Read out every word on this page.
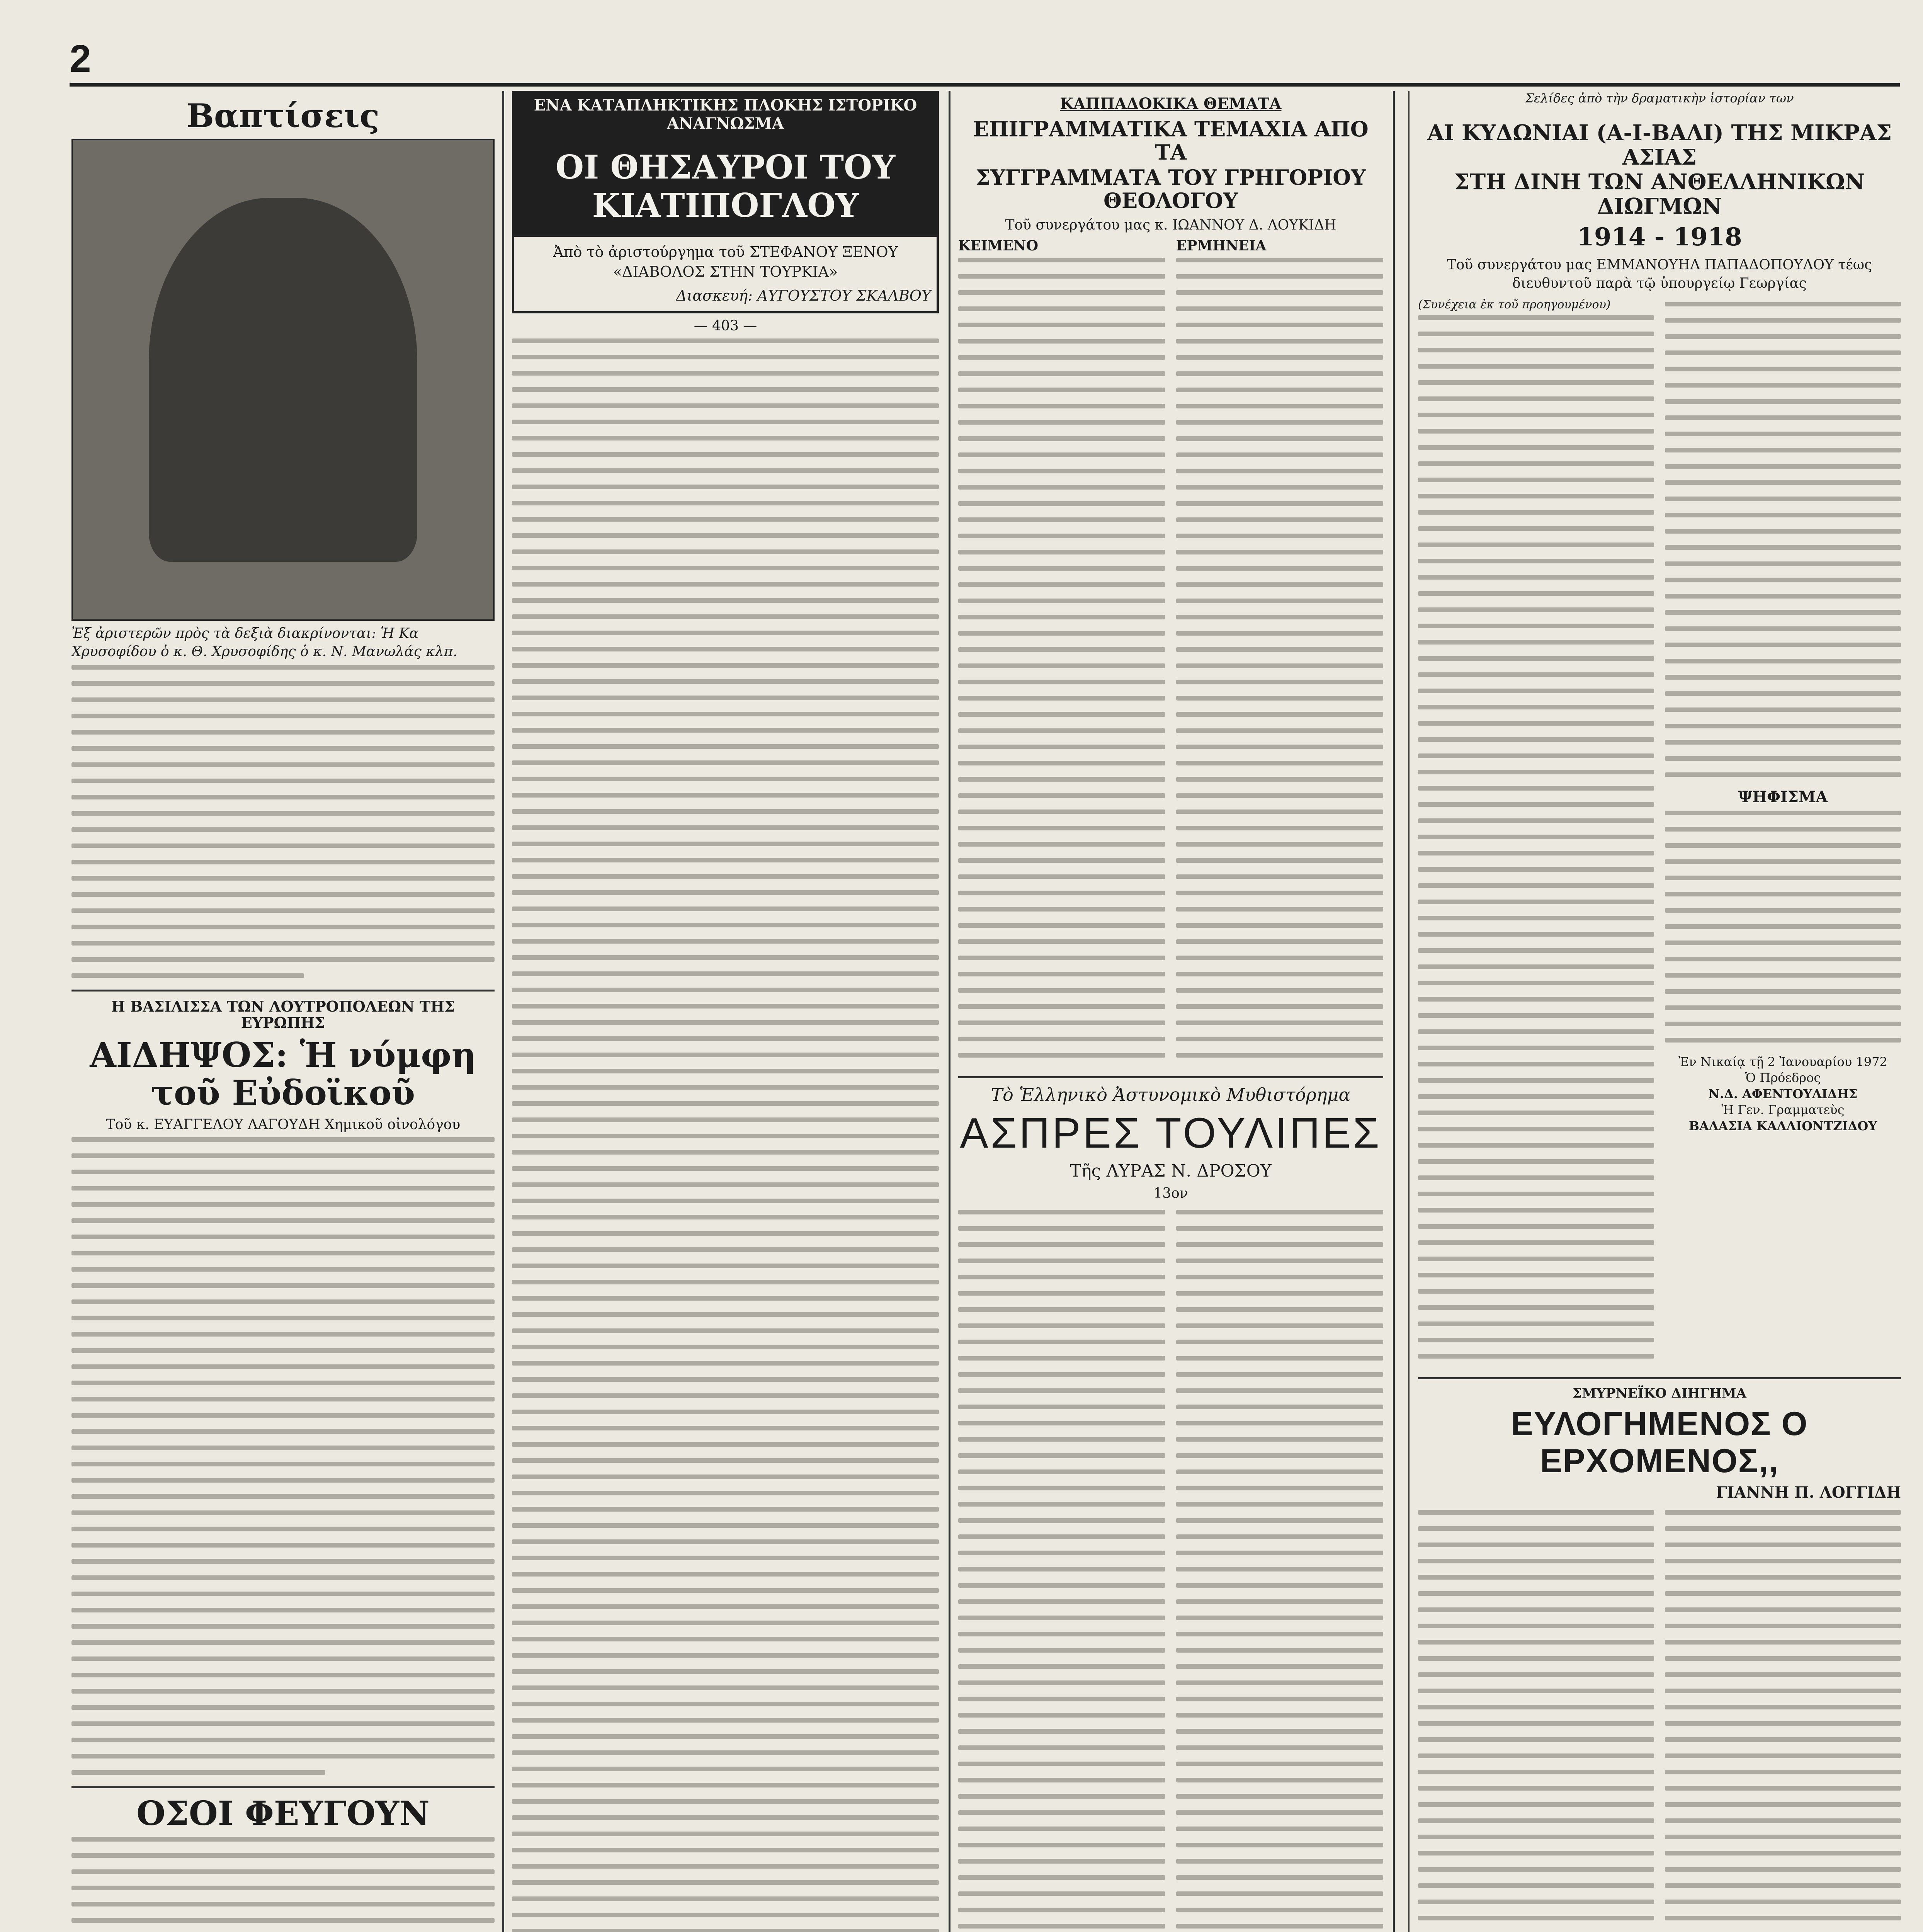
2
Βαπτίσεις
Ἐξ ἀριστερῶν πρὸς τὰ δεξιὰ διακρίνονται: Ἡ Κα Χρυσοφίδου ὁ κ. Θ. Χρυσοφίδης ὁ κ. Ν. Μανωλάς κλπ.
Η ΒΑΣΙΛΙΣΣΑ ΤΩΝ ΛΟΥΤΡΟΠΟΛΕΩΝ ΤΗΣ ΕΥΡΩΠΗΣ
ΑΙΔΗΨΟΣ: Ἡ νύμφη τοῦ Εὐδοϊκοῦ
Τοῦ κ. ΕΥΑΓΓΕΛΟΥ ΛΑΓΟΥΔΗ Χημικοῦ οἰνολόγου
ΟΣΟΙ ΦΕΥΓΟΥΝ
ΕΝΑ ΚΑΤΑΠΛΗΚΤΙΚΗΣ ΠΛΟΚΗΣ ΙΣΤΟΡΙΚΟ ΑΝΑΓΝΩΣΜΑ
ΟΙ ΘΗΣΑΥΡΟΙ ΤΟΥ ΚΙΑΤΙΠΟΓΛΟΥ
Ἀπὸ τὸ ἀριστούργημα τοῦ ΣΤΕΦΑΝΟΥ ΞΕΝΟΥ «ΔΙΑΒΟΛΟΣ ΣΤΗΝ ΤΟΥΡΚΙΑ»
Διασκευή: ΑΥΓΟΥΣΤΟΥ ΣΚΑΛΒΟΥ
— 403 —
ΚΑΠΠΑΔΟΚΙΚΑ ΘΕΜΑΤΑ
ΕΠΙΓΡΑΜΜΑΤΙΚΑ ΤΕΜΑΧΙΑ ΑΠΟ ΤΑ
ΣΥΓΓΡΑΜΜΑΤΑ ΤΟΥ ΓΡΗΓΟΡΙΟΥ ΘΕΟΛΟΓΟΥ
Τοῦ συνεργάτου μας κ. ΙΩΑΝΝΟΥ Δ. ΛΟΥΚΙΔΗ
ΚΕΙΜΕΝΟ	ΕΡΜΗΝΕΙΑ
Τὸ Ἑλληνικὸ Ἀστυνομικὸ Μυθιστόρημα
ΑΣΠΡΕΣ ΤΟΥΛΙΠΕΣ
Τῆς ΛΥΡΑΣ Ν. ΔΡΟΣΟΥ
13ον
Σελίδες ἀπὸ τὴν δραματικὴν ἱστορίαν των
ΑΙ ΚΥΔΩΝΙΑΙ (Α-Ι-ΒΑΛΙ) ΤΗΣ ΜΙΚΡΑΣ ΑΣΙΑΣ
ΣΤΗ ΔΙΝΗ ΤΩΝ ΑΝΘΕΛΛΗΝΙΚΩΝ ΔΙΩΓΜΩΝ
1914 - 1918
Τοῦ συνεργάτου μας ΕΜΜΑΝΟΥΗΛ ΠΑΠΑΔΟΠΟΥΛΟΥ τέως διευθυντοῦ παρὰ τῷ ὑπουργείῳ Γεωργίας
(Συνέχεια ἐκ τοῦ προηγουμένου)
ΨΗΦΙΣΜΑ
Ἐν Νικαίᾳ τῇ 2 Ἰανουαρίου 1972
Ὁ Πρόεδρος
Ν.Δ. ΑΦΕΝΤΟΥΛΙΔΗΣ
Ἡ Γεν. Γραμματεὺς
ΒΑΛΑΣΙΑ ΚΑΛΛΙΟΝΤΖΙΔΟΥ
ΣΜΥΡΝΕΪΚΟ ΔΙΗΓΗΜΑ
ΕΥΛΟΓΗΜΕΝΟΣ Ο ΕΡΧΟΜΕΝΟΣ,,
ΓΙΑΝΝΗ Π. ΛΟΓΓΙΔΗ
